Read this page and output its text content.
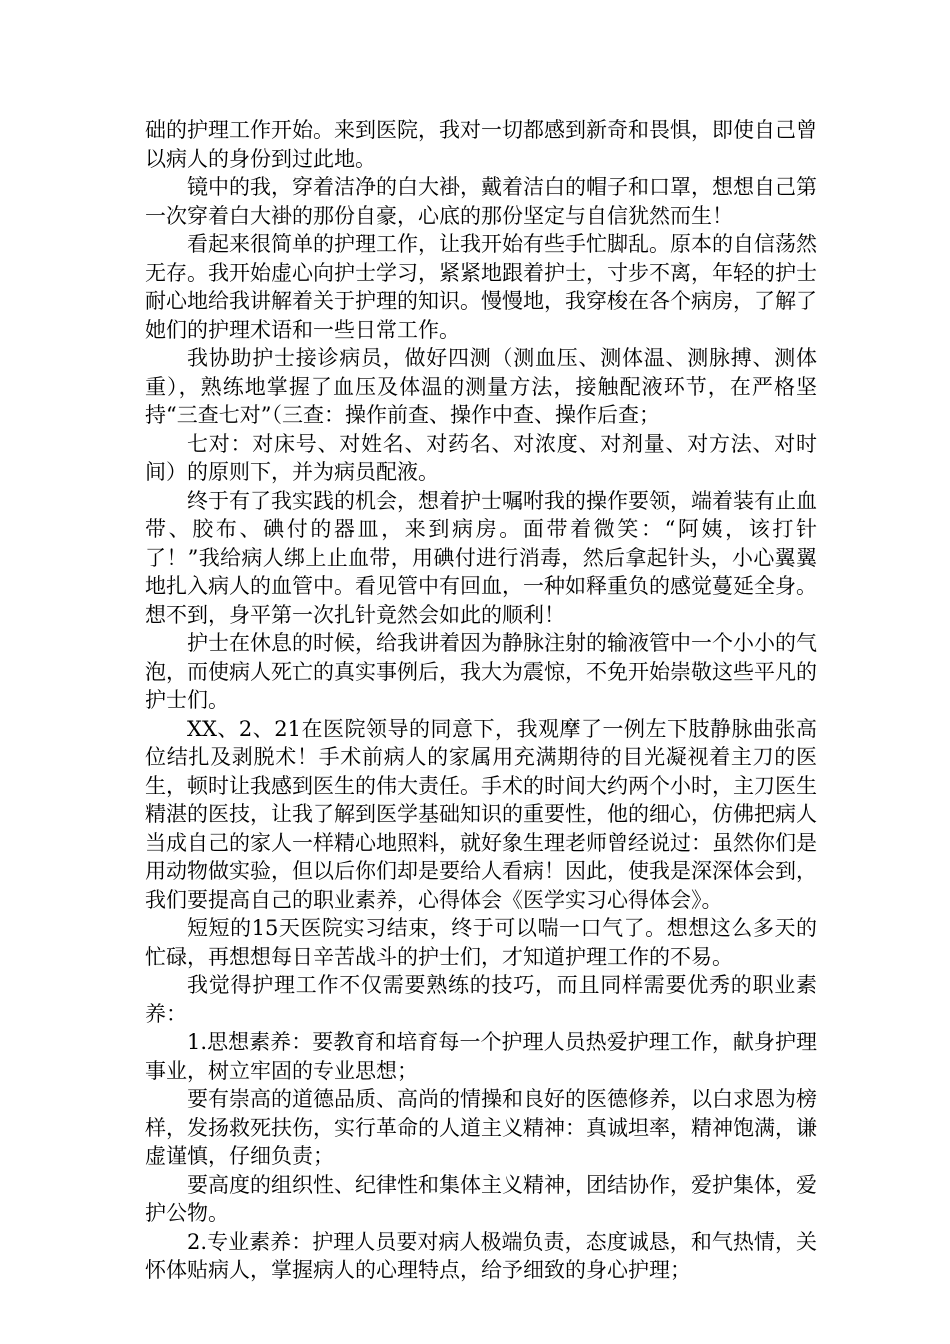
础的护理工作开始。来到医院，我对一切都感到新奇和畏惧，即使自己曾以病人的身份到过此地。

镜中的我，穿着洁净的白大褂，戴着洁白的帽子和口罩，想想自己第一次穿着白大褂的那份自豪，心底的那份坚定与自信犹然而生！

看起来很简单的护理工作，让我开始有些手忙脚乱。原本的自信荡然无存。我开始虚心向护士学习，紧紧地跟着护士，寸步不离，年轻的护士耐心地给我讲解着关于护理的知识。慢慢地，我穿梭在各个病房，了解了她们的护理术语和一些日常工作。

我协助护士接诊病员，做好四测（测血压、测体温、测脉搏、测体重），熟练地掌握了血压及体温的测量方法，接触配液环节，在严格坚持“三查七对”（三查：操作前查、操作中查、操作后查；

七对：对床号、对姓名、对药名、对浓度、对剂量、对方法、对时间）的原则下，并为病员配液。

终于有了我实践的机会，想着护士嘱咐我的操作要领，端着装有止血带、胶布、碘付的器皿，来到病房。面带着微笑：“阿姨，该打针了！”我给病人绑上止血带，用碘付进行消毒，然后拿起针头，小心翼翼地扎入病人的血管中。看见管中有回血，一种如释重负的感觉蔓延全身。想不到，身平第一次扎针竟然会如此的顺利！

护士在休息的时候，给我讲着因为静脉注射的输液管中一个小小的气泡，而使病人死亡的真实事例后，我大为震惊，不免开始崇敬这些平凡的护士们。

XX、2、21在医院领导的同意下，我观摩了一例左下肢静脉曲张高位结扎及剥脱术！手术前病人的家属用充满期待的目光凝视着主刀的医生，顿时让我感到医生的伟大责任。手术的时间大约两个小时，主刀医生精湛的医技，让我了解到医学基础知识的重要性，他的细心，仿佛把病人当成自己的家人一样精心地照料，就好象生理老师曾经说过：虽然你们是用动物做实验，但以后你们却是要给人看病！因此，使我是深深体会到，我们要提高自己的职业素养，心得体会《医学实习心得体会》。

短短的15天医院实习结束，终于可以喘一口气了。想想这么多天的忙碌，再想想每日辛苦战斗的护士们，才知道护理工作的不易。

我觉得护理工作不仅需要熟练的技巧，而且同样需要优秀的职业素养：

1.思想素养：要教育和培育每一个护理人员热爱护理工作，献身护理事业，树立牢固的专业思想；

要有崇高的道德品质、高尚的情操和良好的医德修养，以白求恩为榜样，发扬救死扶伤，实行革命的人道主义精神：真诚坦率，精神饱满，谦虚谨慎，仔细负责；

要高度的组织性、纪律性和集体主义精神，团结协作，爱护集体，爱护公物。

2.专业素养：护理人员要对病人极端负责，态度诚恳，和气热情，关怀体贴病人，掌握病人的心理特点，给予细致的身心护理；
